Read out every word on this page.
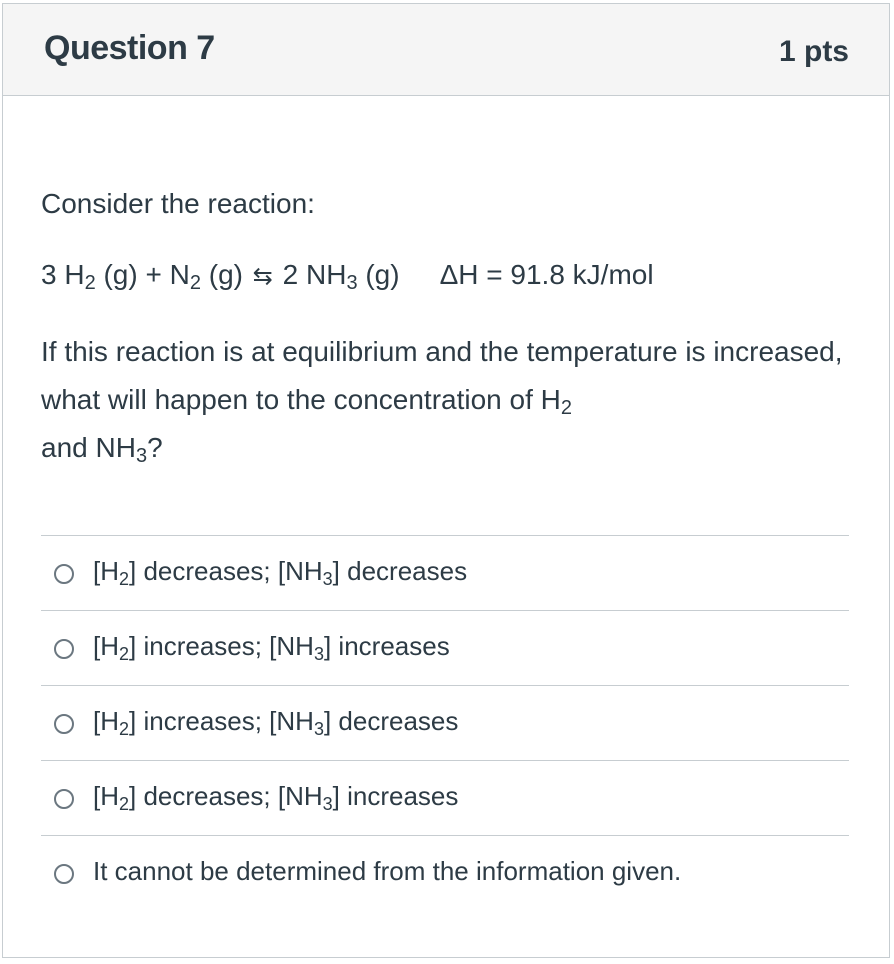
Question 7	1 pts
Consider the reaction:
3 $H_2$ $(g) + N_2$ (g) ⇆ 2 $NH_3$ (g) ΔH = 91.8 kJ/mol
If this reaction is at equilibrium and the temperature is increased, what will happen to the concentration of $H_2$
and $NH_3$?
$[H_2]$ decreases; $[NH_3]$ decreases
$[H_2]$ increases; $[NH_3]$ increases
$[H_2]$ increases; $[NH_3]$ decreases
$[H_2]$ decreases; $[NH_3]$ increases
It cannot be determined from the information given.
